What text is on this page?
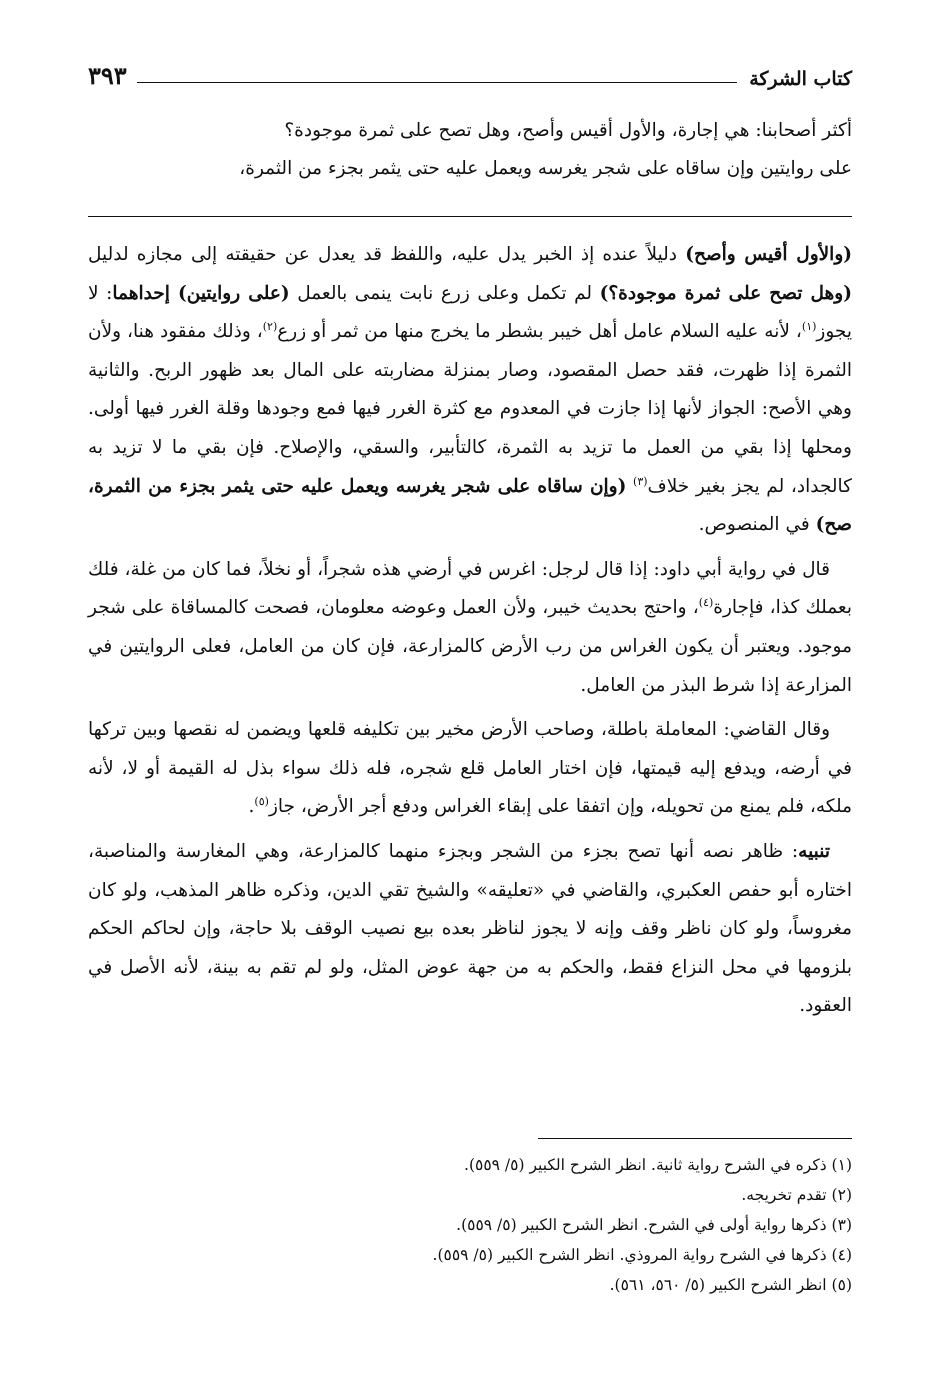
كتاب الشركة
٣٩٣
أكثر أصحابنا: هي إجارة، والأول أقيس وأصح، وهل تصح على ثمرة موجودة؟
على روايتين وإن ساقاه على شجر يغرسه ويعمل عليه حتى يثمر بجزء من الثمرة،

(والأول أقيس وأصح) دليلاً عنده إذ الخبر يدل عليه، واللفظ قد يعدل عن حقيقته إلى مجازه لدليل (وهل تصح على ثمرة موجودة؟) لم تكمل وعلى زرع نابت ينمى بالعمل (على روايتين) إحداهما: لا يجوز$^{(١)}$، لأنه عليه السلام عامل أهل خيبر بشطر ما يخرج منها من ثمر أو زرع$^{(٢)}$، وذلك مفقود هنا، ولأن الثمرة إذا ظهرت، فقد حصل المقصود، وصار بمنزلة مضاربته على المال بعد ظهور الربح. والثانية وهي الأصح: الجواز لأنها إذا جازت في المعدوم مع كثرة الغرر فيها فمع وجودها وقلة الغرر فيها أولى. ومحلها إذا بقي من العمل ما تزيد به الثمرة، كالتأبير، والسقي، والإصلاح. فإن بقي ما لا تزيد به كالجداد، لم يجز بغير خلاف$^{(٣)}$ (وإن ساقاه على شجر يغرسه ويعمل عليه حتى يثمر بجزء من الثمرة، صح) في المنصوص.

قال في رواية أبي داود: إذا قال لرجل: اغرس في أرضي هذه شجراً، أو نخلاً، فما كان من غلة، فلك بعملك كذا، فإجارة$^{(٤)}$، واحتج بحديث خيبر، ولأن العمل وعوضه معلومان، فصحت كالمساقاة على شجر موجود. ويعتبر أن يكون الغراس من رب الأرض كالمزارعة، فإن كان من العامل، فعلى الروايتين في المزارعة إذا شرط البذر من العامل.

وقال القاضي: المعاملة باطلة، وصاحب الأرض مخير بين تكليفه قلعها ويضمن له نقصها وبين تركها في أرضه، ويدفع إليه قيمتها، فإن اختار العامل قلع شجره، فله ذلك سواء بذل له القيمة أو لا، لأنه ملكه، فلم يمنع من تحويله، وإن اتفقا على إبقاء الغراس ودفع أجر الأرض، جاز$^{(٥)}$.

تنبيه: ظاهر نصه أنها تصح بجزء من الشجر وبجزء منهما كالمزارعة، وهي المغارسة والمناصبة، اختاره أبو حفص العكبري، والقاضي في «تعليقه» والشيخ تقي الدين، وذكره ظاهر المذهب، ولو كان مغروساً، ولو كان ناظر وقف وإنه لا يجوز لناظر بعده بيع نصيب الوقف بلا حاجة، وإن لحاكم الحكم بلزومها في محل النزاع فقط، والحكم به من جهة عوض المثل، ولو لم تقم به بينة، لأنه الأصل في العقود.

(١) ذكره في الشرح رواية ثانية. انظر الشرح الكبير (٥/ ٥٥٩).
(٢) تقدم تخريجه.
(٣) ذكرها رواية أولى في الشرح. انظر الشرح الكبير (٥/ ٥٥٩).
(٤) ذكرها في الشرح رواية المروذي. انظر الشرح الكبير (٥/ ٥٥٩).
(٥) انظر الشرح الكبير (٥/ ٥٦٠، ٥٦١).
